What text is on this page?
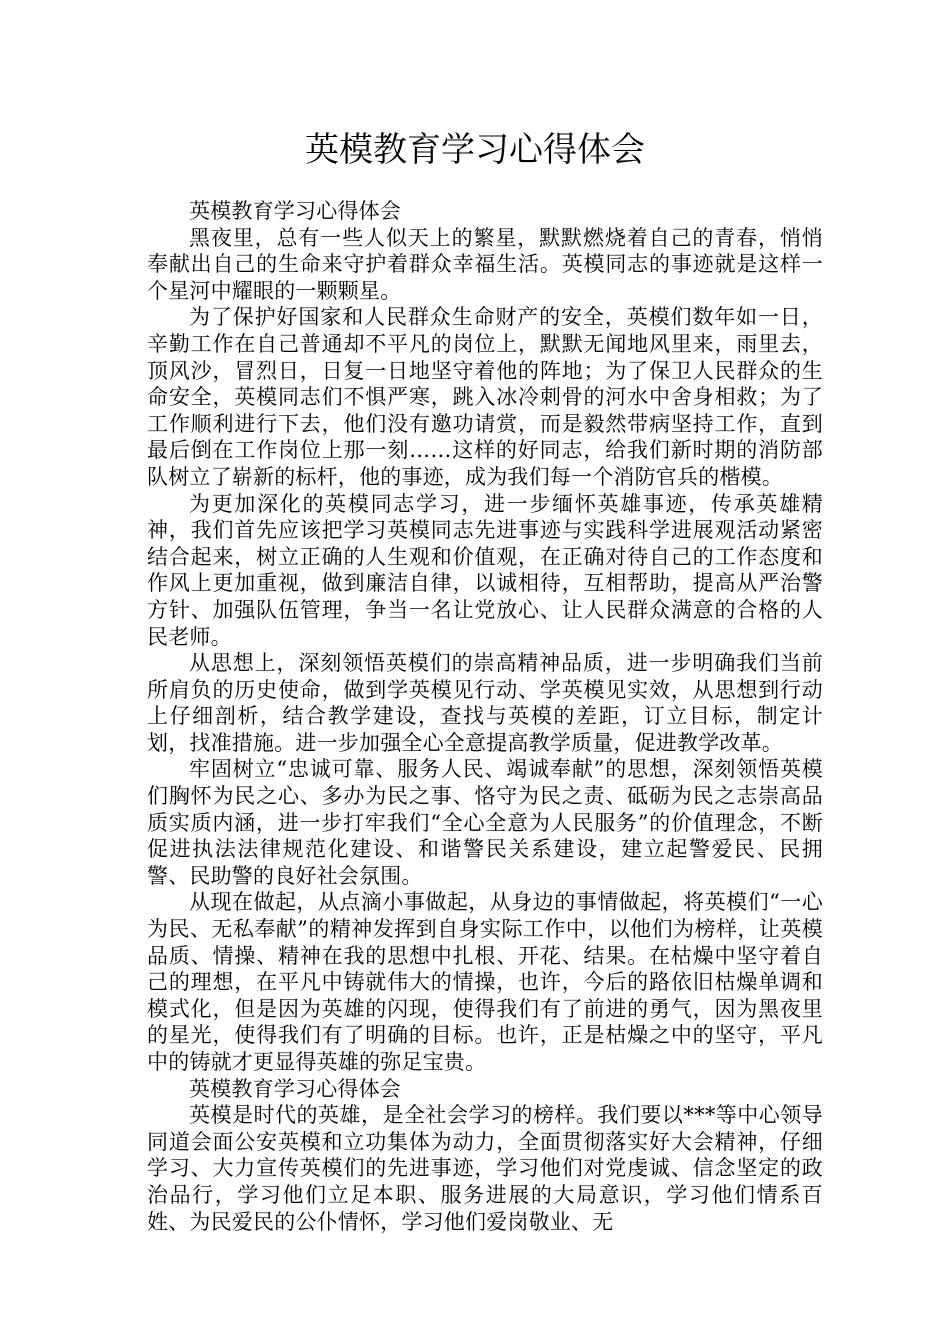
英模教育学习心得体会

英模教育学习心得体会

黑夜里，总有一些人似天上的繁星，默默燃烧着自己的青春，悄悄奉献出自己的生命来守护着群众幸福生活。英模同志的事迹就是这样一个星河中耀眼的一颗颗星。

为了保护好国家和人民群众生命财产的安全，英模们数年如一日，辛勤工作在自己普通却不平凡的岗位上，默默无闻地风里来，雨里去，顶风沙，冒烈日，日复一日地坚守着他的阵地；为了保卫人民群众的生命安全，英模同志们不惧严寒，跳入冰冷刺骨的河水中舍身相救；为了工作顺利进行下去，他们没有邀功请赏，而是毅然带病坚持工作，直到最后倒在工作岗位上那一刻……这样的好同志，给我们新时期的消防部队树立了崭新的标杆，他的事迹，成为我们每一个消防官兵的楷模。

为更加深化的英模同志学习，进一步缅怀英雄事迹，传承英雄精神，我们首先应该把学习英模同志先进事迹与实践科学进展观活动紧密结合起来，树立正确的人生观和价值观，在正确对待自己的工作态度和作风上更加重视，做到廉洁自律，以诚相待，互相帮助，提高从严治警方针、加强队伍管理，争当一名让党放心、让人民群众满意的合格的人民老师。

从思想上，深刻领悟英模们的崇高精神品质，进一步明确我们当前所肩负的历史使命，做到学英模见行动、学英模见实效，从思想到行动上仔细剖析，结合教学建设，查找与英模的差距，订立目标，制定计划，找准措施。进一步加强全心全意提高教学质量，促进教学改革。

牢固树立“忠诚可靠、服务人民、竭诚奉献”的思想，深刻领悟英模们胸怀为民之心、多办为民之事、恪守为民之责、砥砺为民之志崇高品质实质内涵，进一步打牢我们“全心全意为人民服务”的价值理念，不断促进执法法律规范化建设、和谐警民关系建设，建立起警爱民、民拥警、民助警的良好社会氛围。

从现在做起，从点滴小事做起，从身边的事情做起，将英模们“一心为民、无私奉献”的精神发挥到自身实际工作中，以他们为榜样，让英模品质、情操、精神在我的思想中扎根、开花、结果。在枯燥中坚守着自己的理想，在平凡中铸就伟大的情操，也许，今后的路依旧枯燥单调和模式化，但是因为英雄的闪现，使得我们有了前进的勇气，因为黑夜里的星光，使得我们有了明确的目标。也许，正是枯燥之中的坚守，平凡中的铸就才更显得英雄的弥足宝贵。

英模教育学习心得体会

英模是时代的英雄，是全社会学习的榜样。我们要以***等中心领导同道会面公安英模和立功集体为动力，全面贯彻落实好大会精神，仔细学习、大力宣传英模们的先进事迹，学习他们对党虔诚、信念坚定的政治品行，学习他们立足本职、服务进展的大局意识，学习他们情系百姓、为民爱民的公仆情怀，学习他们爱岗敬业、无
